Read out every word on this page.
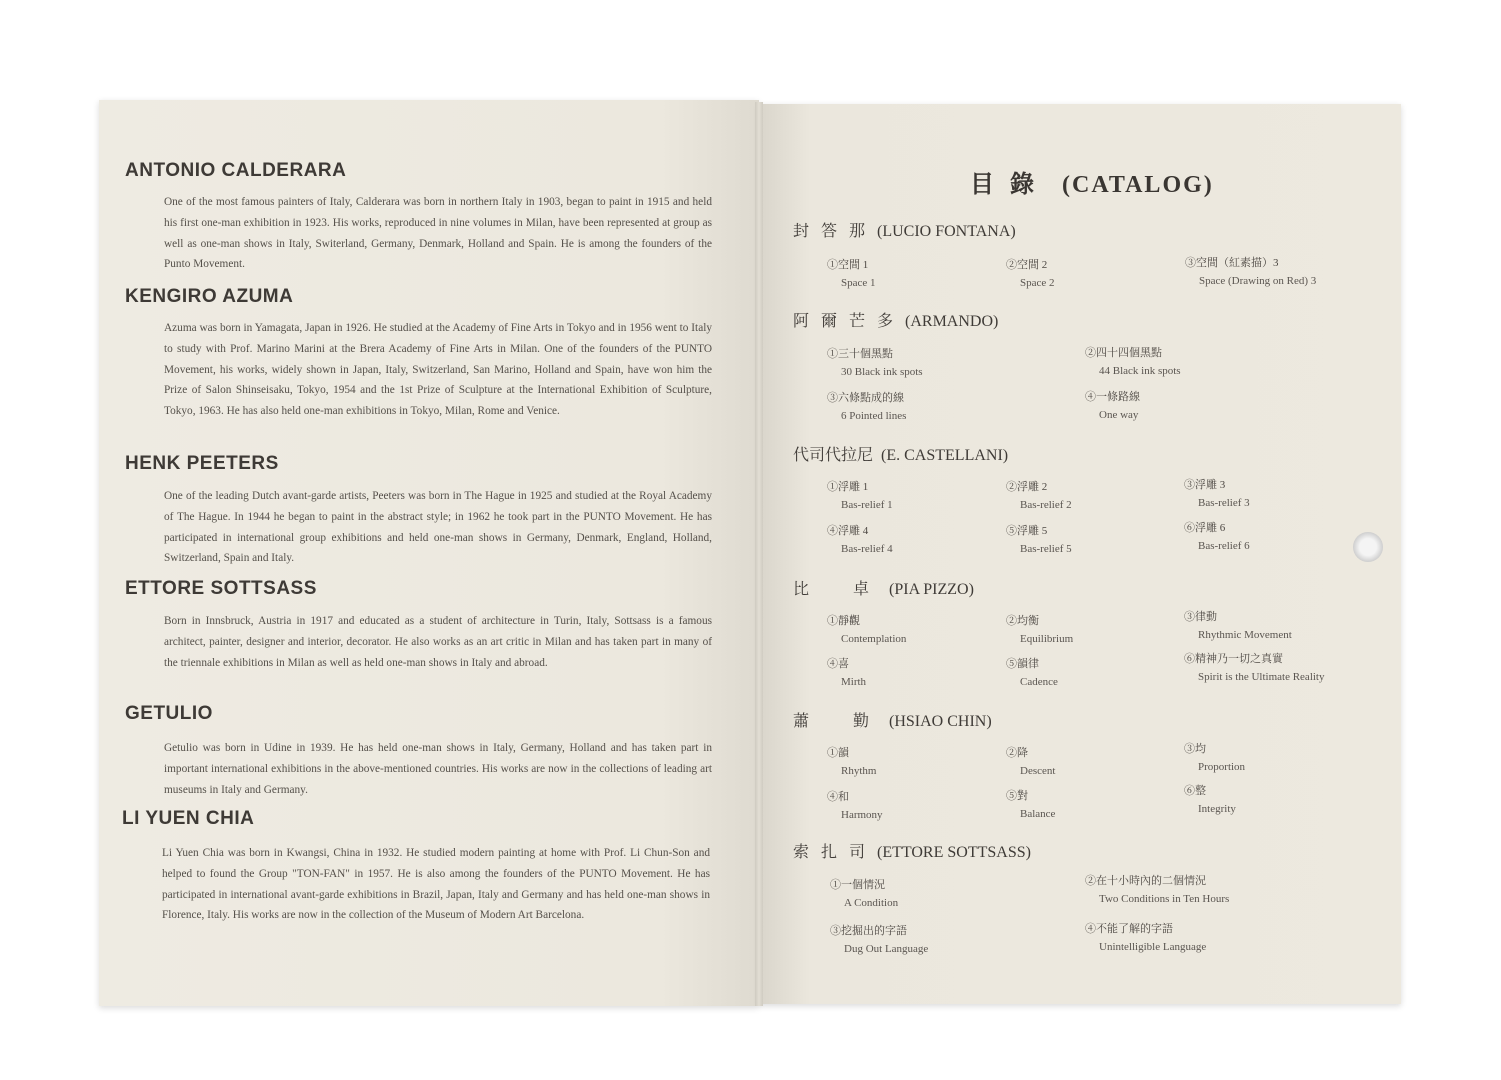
ANTONIO CALDERARA
One of the most famous painters of Italy, Calderara was born in northern Italy in 1903, began to paint in 1915 and held his first one-man exhibition in 1923. His works, reproduced in nine volumes in Milan, have been represented at group as well as one-man shows in Italy, Switerland, Germany, Denmark, Holland and Spain. He is among the founders of the Punto Movement.
KENGIRO AZUMA
Azuma was born in Yamagata, Japan in 1926. He studied at the Academy of Fine Arts in Tokyo and in 1956 went to Italy to study with Prof. Marino Marini at the Brera Academy of Fine Arts in Milan. One of the founders of the PUNTO Movement, his works, widely shown in Japan, Italy, Switzerland, San Marino, Holland and Spain, have won him the Prize of Salon Shinseisaku, Tokyo, 1954 and the 1st Prize of Sculpture at the International Exhibition of Sculpture, Tokyo, 1963. He has also held one-man exhibitions in Tokyo, Milan, Rome and Venice.
HENK PEETERS
One of the leading Dutch avant-garde artists, Peeters was born in The Hague in 1925 and studied at the Royal Academy of The Hague. In 1944 he began to paint in the abstract style; in 1962 he took part in the PUNTO Movement. He has participated in international group exhibitions and held one-man shows in Germany, Denmark, England, Holland, Switzerland, Spain and Italy.
ETTORE SOTTSASS
Born in Innsbruck, Austria in 1917 and educated as a student of architecture in Turin, Italy, Sottsass is a famous architect, painter, designer and interior, decorator. He also works as an art critic in Milan and has taken part in many of the triennale exhibitions in Milan as well as held one-man shows in Italy and abroad.
GETULIO
Getulio was born in Udine in 1939. He has held one-man shows in Italy, Germany, Holland and has taken part in important international exhibitions in the above-mentioned countries. His works are now in the collections of leading art museums in Italy and Germany.
LI YUEN CHIA
Li Yuen Chia was born in Kwangsi, China in 1932. He studied modern painting at home with Prof. Li Chun-Son and helped to found the Group "TON-FAN" in 1957. He is also among the founders of the PUNTO Movement. He has participated in international avant-garde exhibitions in Brazil, Japan, Italy and Germany and has held one-man shows in Florence, Italy. His works are now in the collection of the Museum of Modern Art Barcelona.
目錄 (CATALOG)
封答那(LUCIO FONTANA)
①空間 1
Space 1
②空間 2
Space 2
③空間（紅素描）3
Space (Drawing on Red) 3
阿爾芒多(ARMANDO)
①三十個黑點
30 Black ink spots
②四十四個黑點
44 Black ink spots
③六條點成的線
6 Pointed lines
④一條路線
One way
代司代拉尼 (E. CASTELLANI)
①浮雕 1
Bas-relief 1
②浮雕 2
Bas-relief 2
③浮雕 3
Bas-relief 3
④浮雕 4
Bas-relief 4
⑤浮雕 5
Bas-relief 5
⑥浮雕 6
Bas-relief 6
比 卓(PIA PIZZO)
①靜觀
Contemplation
②均衡
Equilibrium
③律動
Rhythmic Movement
④喜
Mirth
⑤韻律
Cadence
⑥精神乃一切之真實
Spirit is the Ultimate Reality
蕭 勤(HSIAO CHIN)
①韻
Rhythm
②降
Descent
③均
Proportion
④和
Harmony
⑤對
Balance
⑥整
Integrity
索扎司(ETTORE SOTTSASS)
①一個情況
A Condition
②在十小時內的二個情況
Two Conditions in Ten Hours
③挖掘出的字語
Dug Out Language
④不能了解的字語
Unintelligible Language
